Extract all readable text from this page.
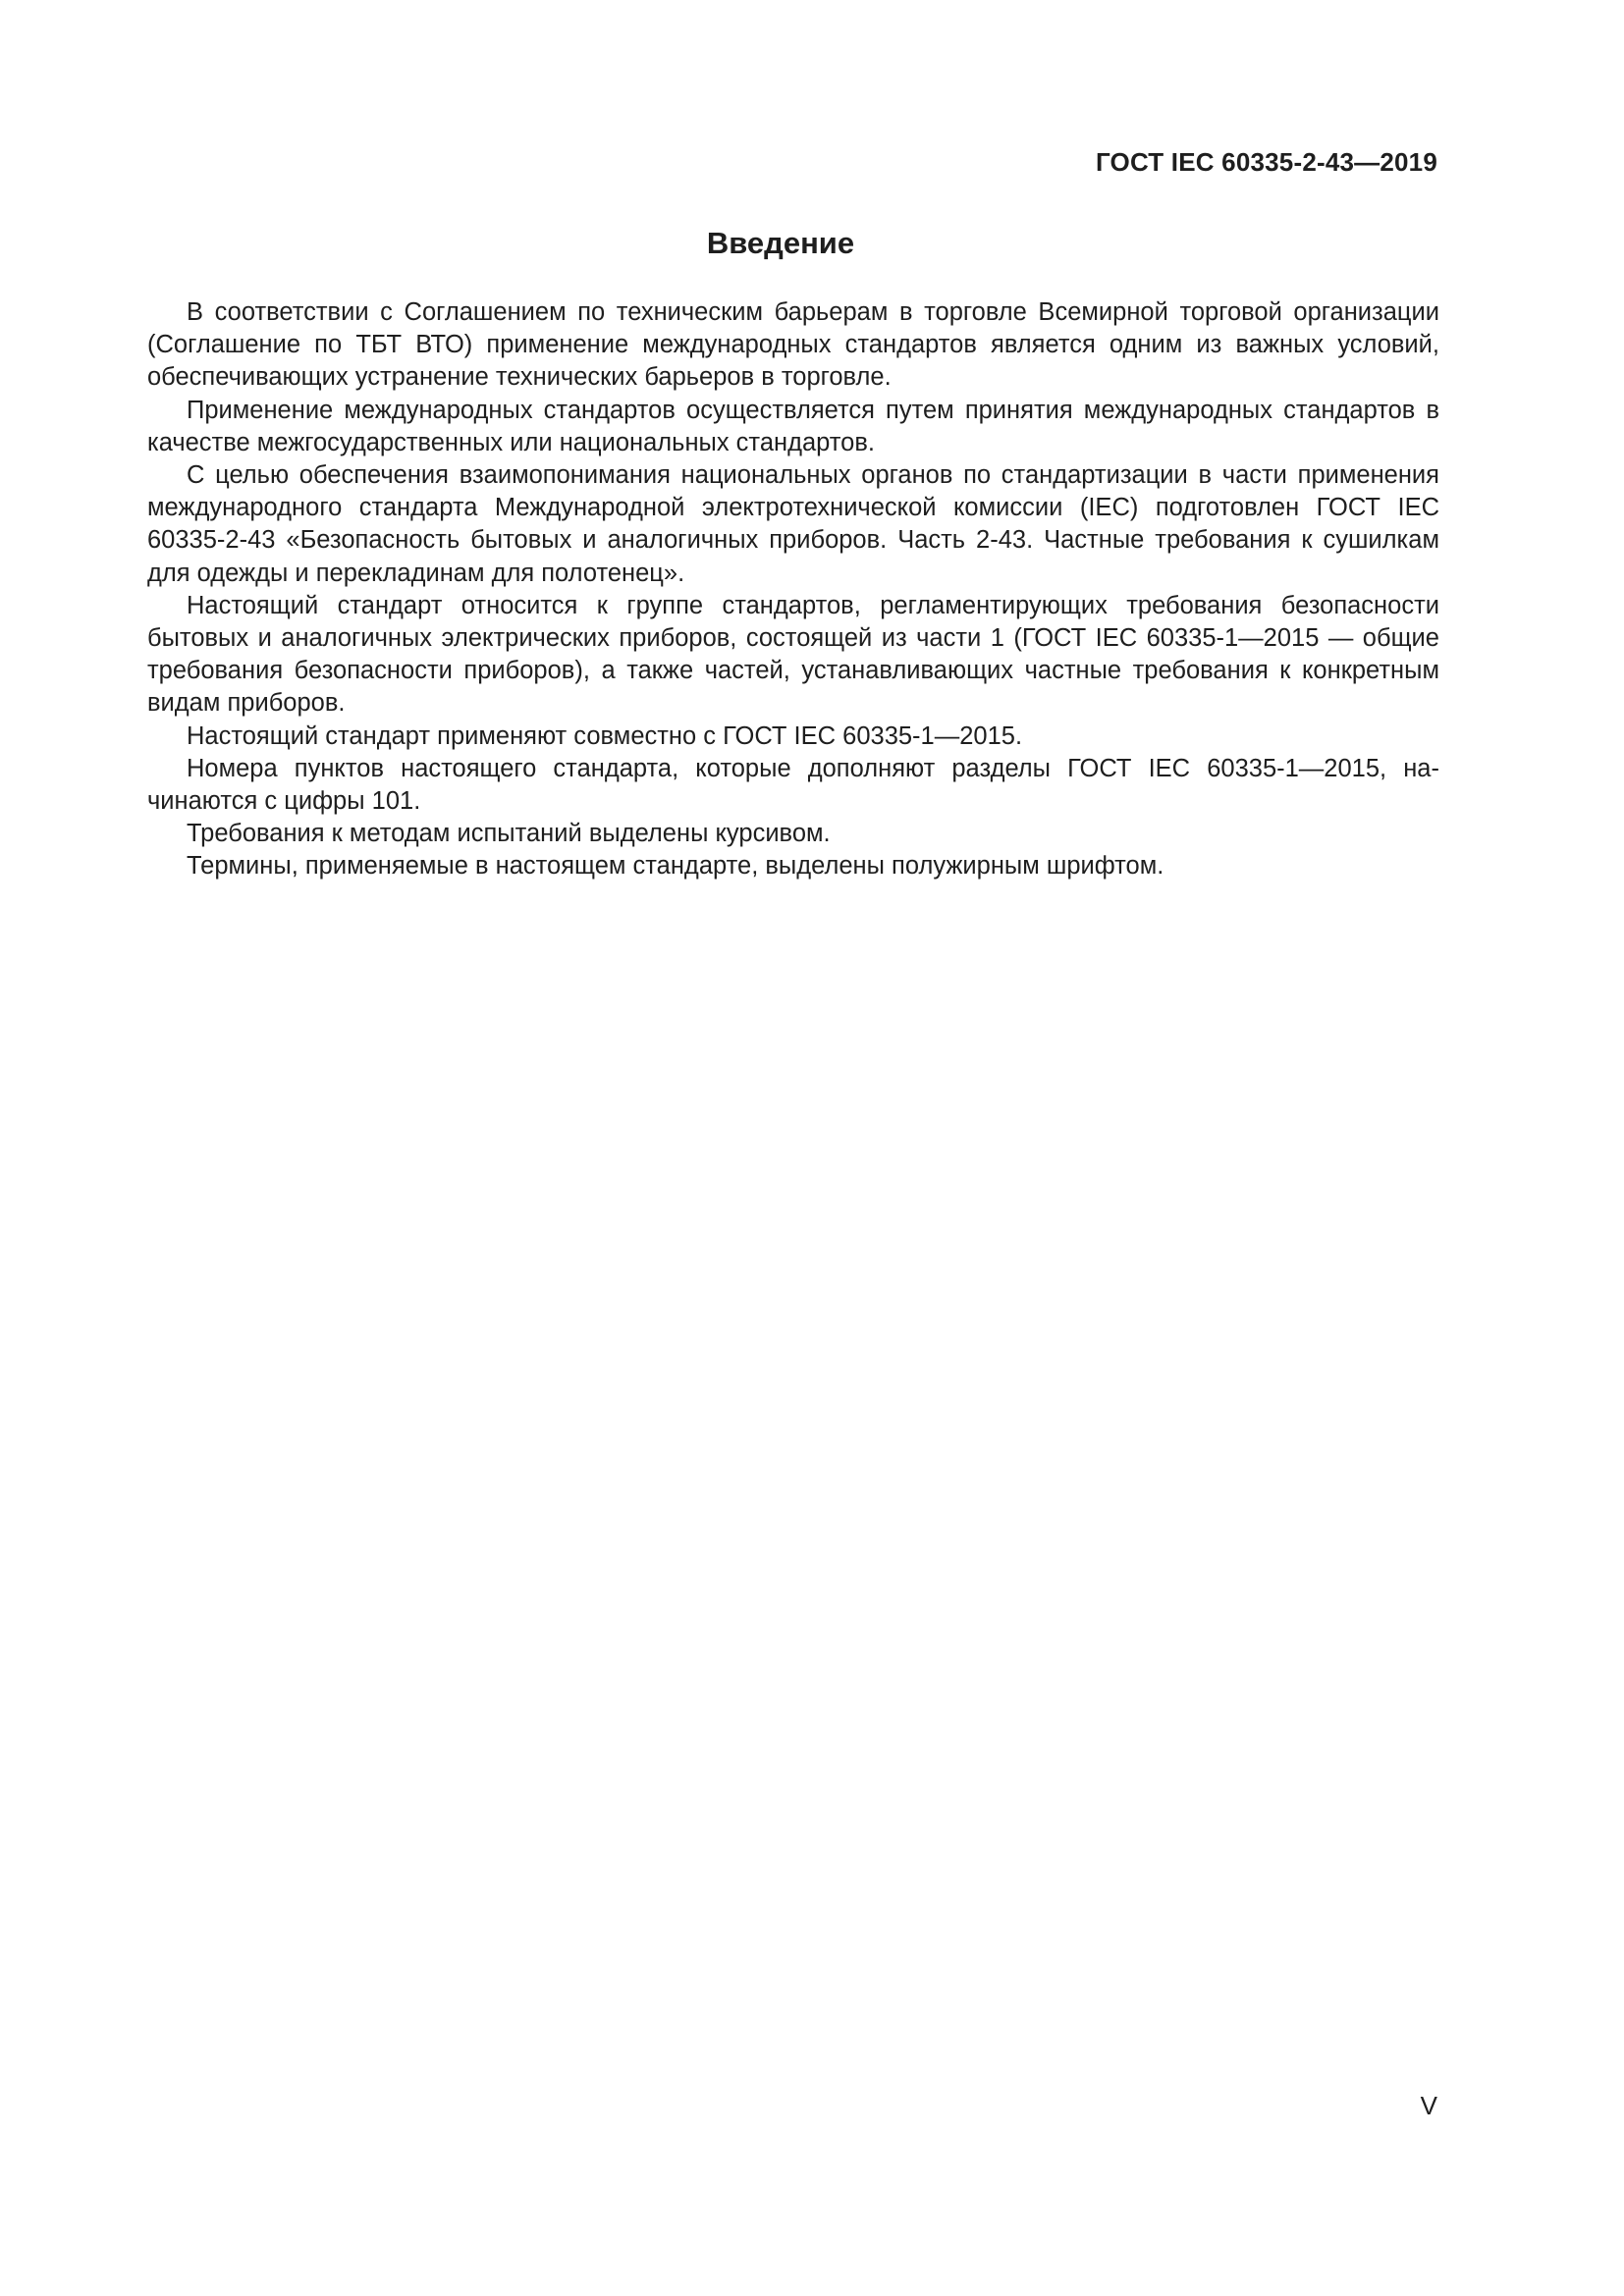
ГОСТ IEC 60335-2-43—2019
Введение

В соответствии с Соглашением по техническим барьерам в торговле Всемирной торговой организации (Соглашение по ТБТ ВТО) применение международных стандартов является одним из важных условий, обеспечивающих устранение технических барьеров в торговле.

Применение международных стандартов осуществляется путем принятия международных стандартов в качестве межгосударственных или национальных стандартов.

С целью обеспечения взаимопонимания национальных органов по стандартизации в части применения международного стандарта Международной электротехнической комиссии (IEC) подготовлен ГОСТ IEC 60335-2-43 «Безопасность бытовых и аналогичных приборов. Часть 2-43. Частные требования к сушилкам для одежды и перекладинам для полотенец».

Настоящий стандарт относится к группе стандартов, регламентирующих требования безопасности бытовых и аналогичных электрических приборов, состоящей из части 1 (ГОСТ IEC 60335-1—2015 — общие требования безопасности приборов), а также частей, устанавливающих частные требования к конкретным видам приборов.

Настоящий стандарт применяют совместно с ГОСТ IEC 60335-1—2015.

Номера пунктов настоящего стандарта, которые дополняют разделы ГОСТ IEC 60335-1—2015, начинаются с цифры 101.

Требования к методам испытаний выделены курсивом.

Термины, применяемые в настоящем стандарте, выделены полужирным шрифтом.

V
